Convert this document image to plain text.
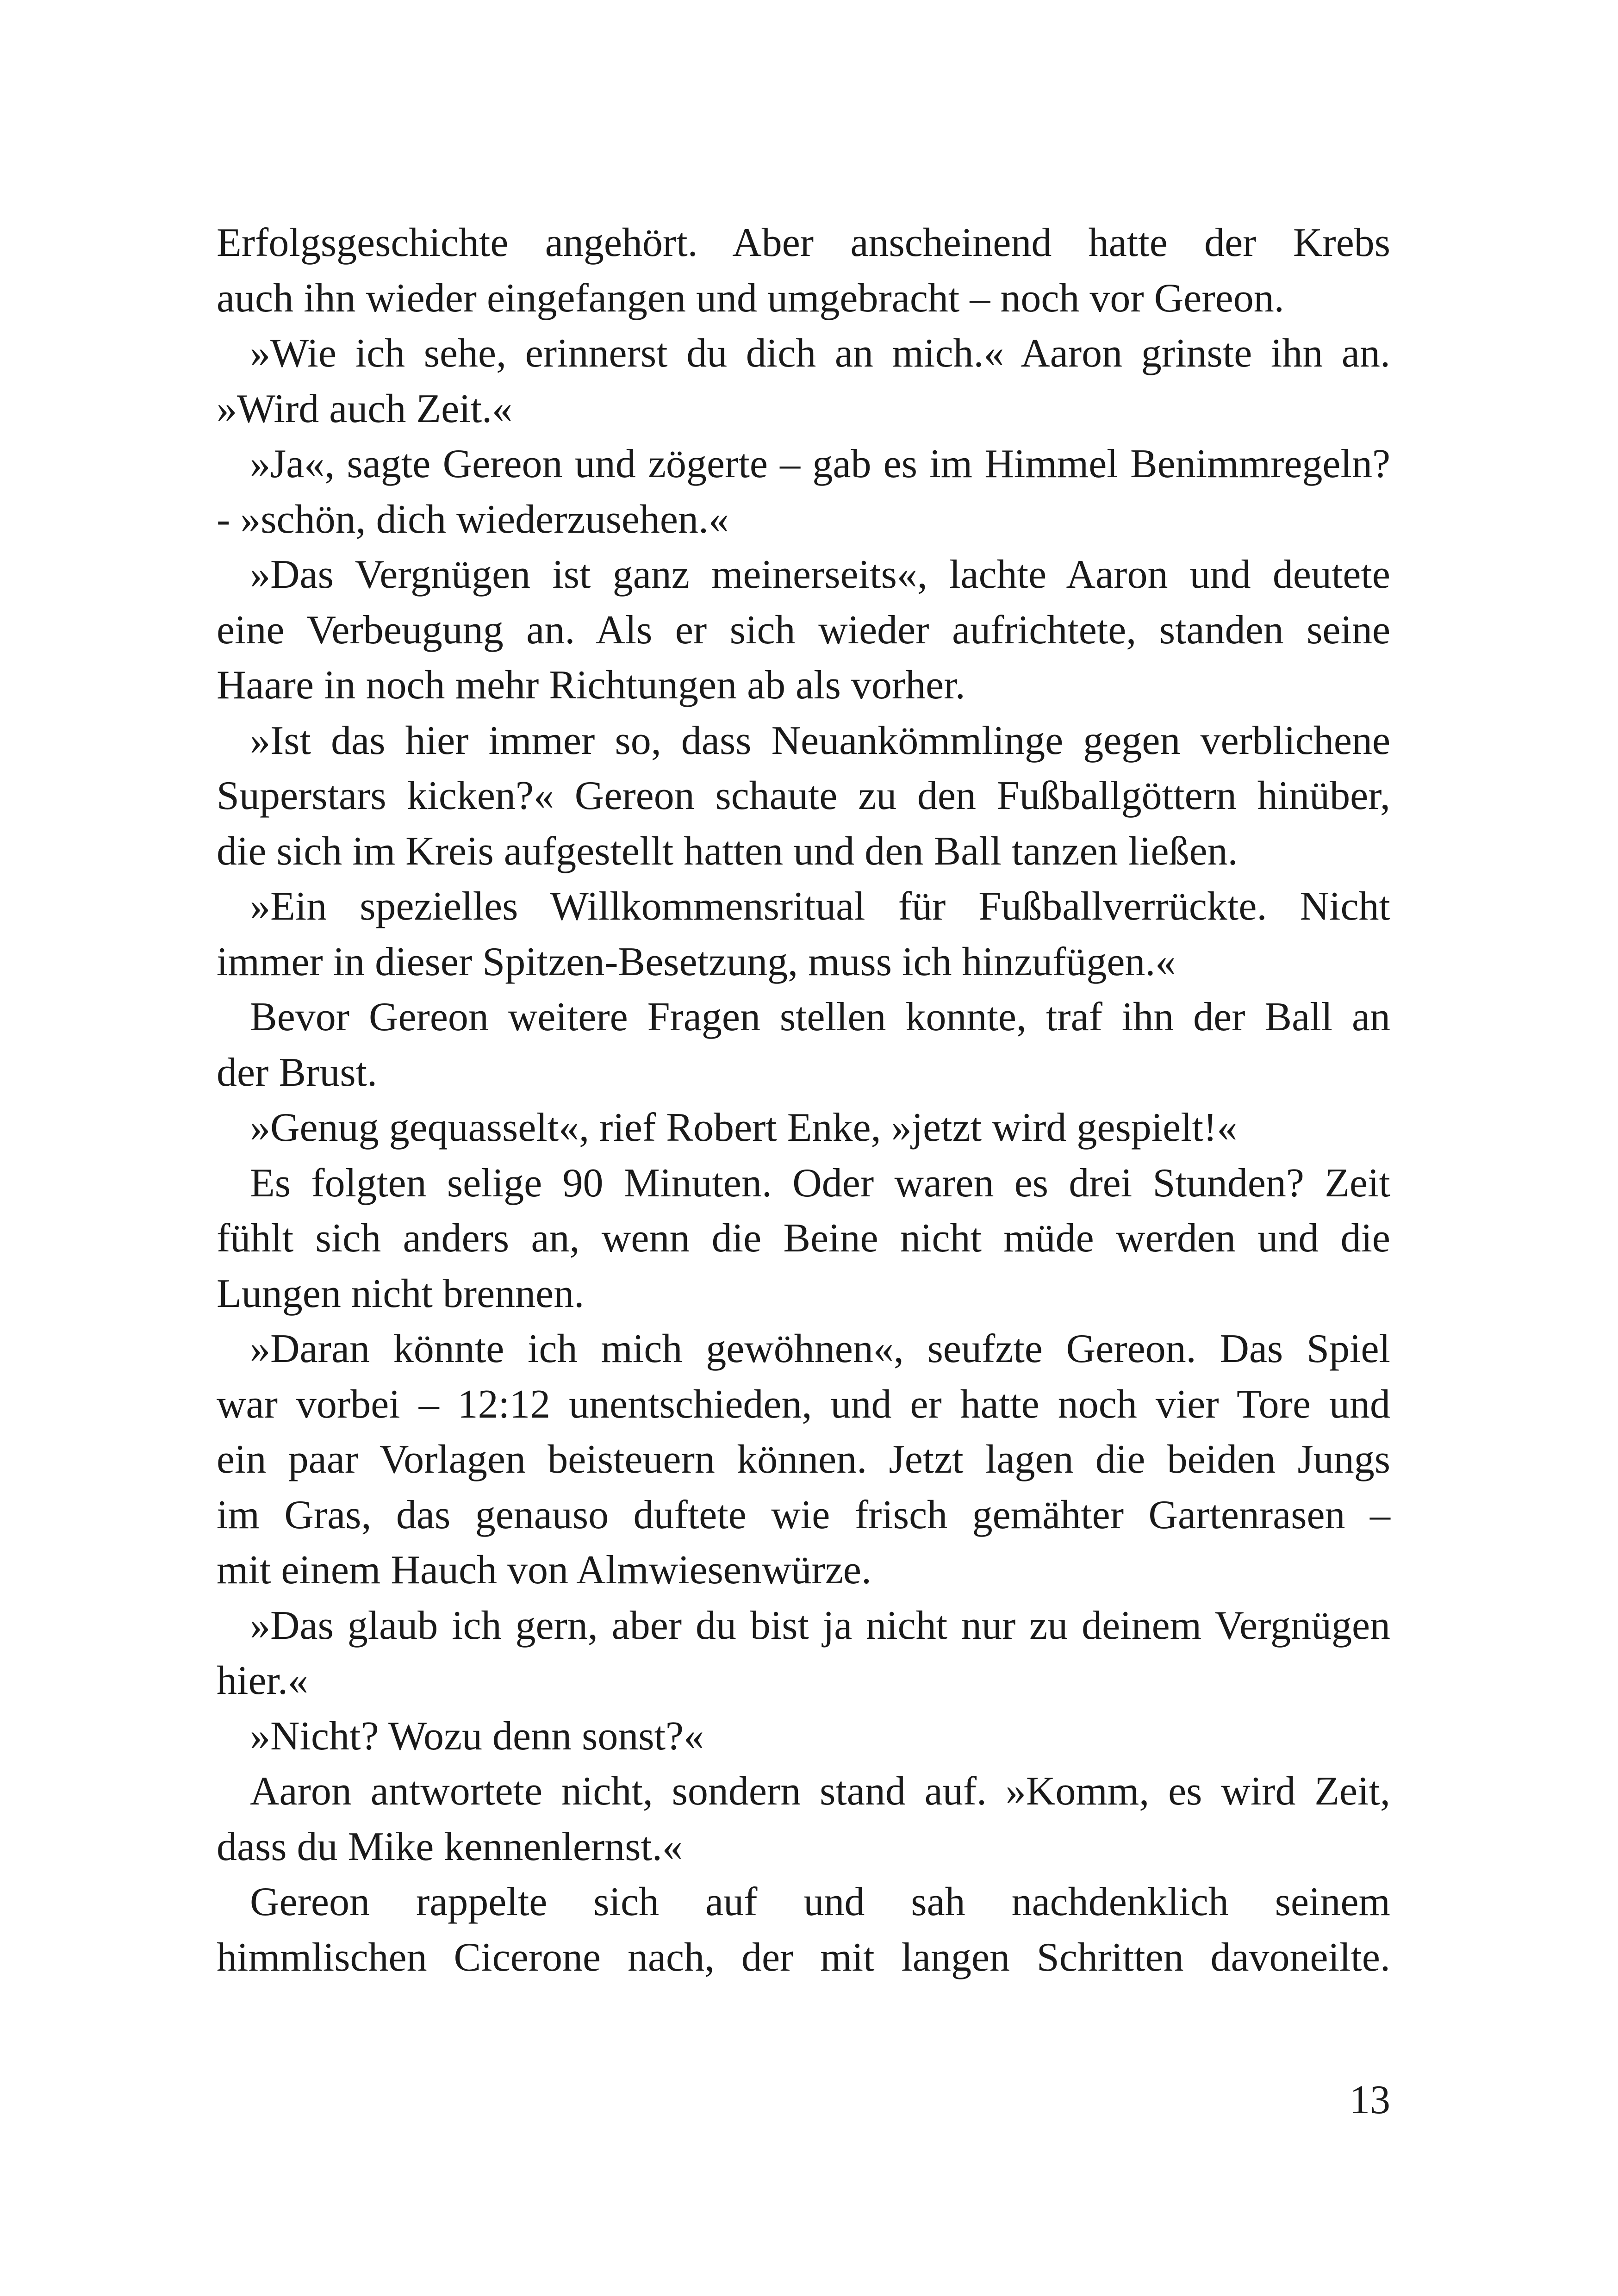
Erfolgsgeschichte angehört. Aber anscheinend hatte der Krebs
auch ihn wieder eingefangen und umgebracht – noch vor Gereon.
»Wie ich sehe, erinnerst du dich an mich.« Aaron grinste ihn an.
»Wird auch Zeit.«
»Ja«, sagte Gereon und zögerte – gab es im Himmel Benimmregeln?
- »schön, dich wiederzusehen.«
»Das Vergnügen ist ganz meinerseits«, lachte Aaron und deutete
eine Verbeugung an. Als er sich wieder aufrichtete, standen seine
Haare in noch mehr Richtungen ab als vorher.
»Ist das hier immer so, dass Neuankömmlinge gegen verblichene
Superstars kicken?« Gereon schaute zu den Fußballgöttern hinüber,
die sich im Kreis aufgestellt hatten und den Ball tanzen ließen.
»Ein spezielles Willkommensritual für Fußballverrückte. Nicht
immer in dieser Spitzen-Besetzung, muss ich hinzufügen.«
Bevor Gereon weitere Fragen stellen konnte, traf ihn der Ball an
der Brust.
»Genug gequasselt«, rief Robert Enke, »jetzt wird gespielt!«
Es folgten selige 90 Minuten. Oder waren es drei Stunden? Zeit
fühlt sich anders an, wenn die Beine nicht müde werden und die
Lungen nicht brennen.
»Daran könnte ich mich gewöhnen«, seufzte Gereon. Das Spiel
war vorbei – 12:12 unentschieden, und er hatte noch vier Tore und
ein paar Vorlagen beisteuern können. Jetzt lagen die beiden Jungs
im Gras, das genauso duftete wie frisch gemähter Gartenrasen –
mit einem Hauch von Almwiesenwürze.
»Das glaub ich gern, aber du bist ja nicht nur zu deinem Vergnügen
hier.«
»Nicht? Wozu denn sonst?«
Aaron antwortete nicht, sondern stand auf. »Komm, es wird Zeit,
dass du Mike kennenlernst.«
Gereon rappelte sich auf und sah nachdenklich seinem
himmlischen Cicerone nach, der mit langen Schritten davoneilte.
13
